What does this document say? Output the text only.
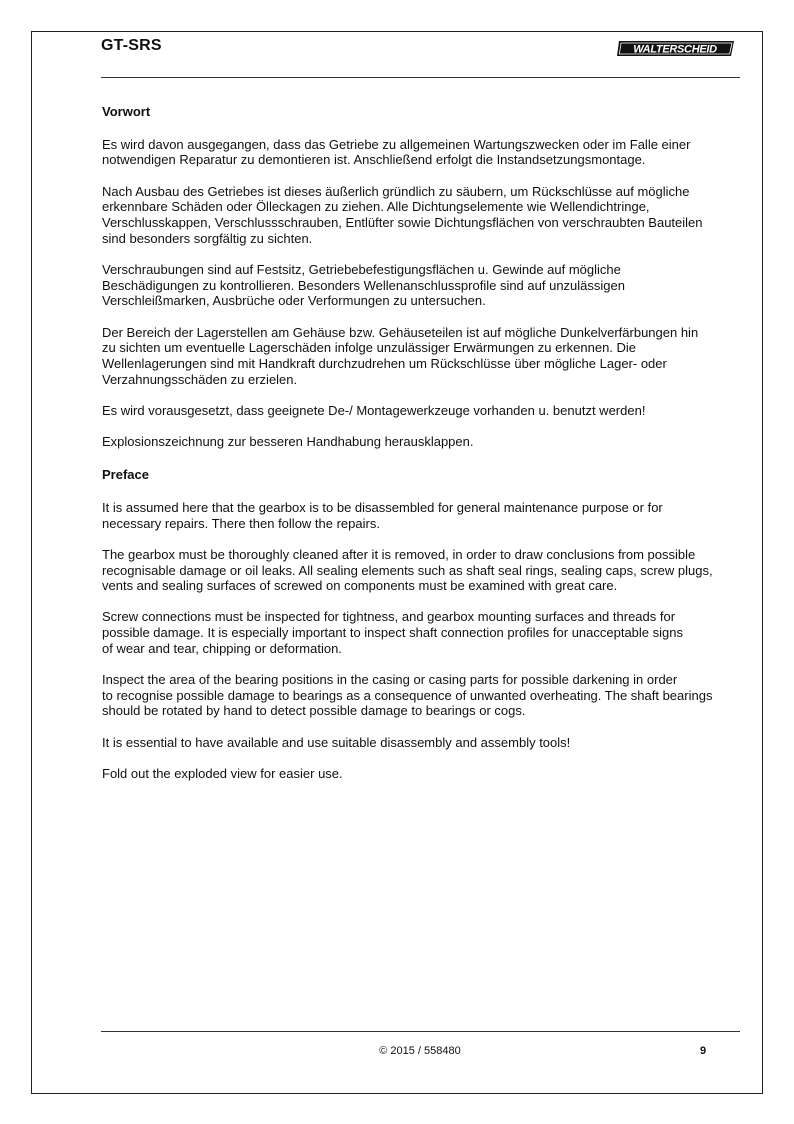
GT-SRS	WALTERSCHEID
Vorwort
Es wird davon ausgegangen, dass das Getriebe zu allgemeinen Wartungszwecken oder im Falle einer
notwendigen Reparatur zu demontieren ist. Anschließend erfolgt die Instandsetzungsmontage.
Nach Ausbau des Getriebes ist dieses äußerlich gründlich zu säubern, um Rückschlüsse auf mögliche
erkennbare Schäden oder Ölleckagen zu ziehen. Alle Dichtungselemente wie Wellendichtringe,
Verschlusskappen, Verschlussschrauben, Entlüfter sowie Dichtungsflächen von verschraubten Bauteilen
sind besonders sorgfältig zu sichten.
Verschraubungen sind auf Festsitz, Getriebebefestigungsflächen u. Gewinde auf mögliche
Beschädigungen zu kontrollieren. Besonders Wellenanschlussprofile sind auf unzulässigen
Verschleißmarken, Ausbrüche oder Verformungen zu untersuchen.
Der Bereich der Lagerstellen am Gehäuse bzw. Gehäuseteilen ist auf mögliche Dunkelverfärbungen hin
zu sichten um eventuelle Lagerschäden infolge unzulässiger Erwärmungen zu erkennen. Die
Wellenlagerungen sind mit Handkraft durchzudrehen um Rückschlüsse über mögliche Lager- oder
Verzahnungsschäden zu erzielen.
Es wird vorausgesetzt, dass geeignete De-/ Montagewerkzeuge vorhanden u. benutzt werden!
Explosionszeichnung zur besseren Handhabung herausklappen.
Preface
It is assumed here that the gearbox is to be disassembled for general maintenance purpose or for
necessary repairs. There then follow the repairs.
The gearbox must be thoroughly cleaned after it is removed, in order to draw conclusions from possible
recognisable damage or oil leaks. All sealing elements such as shaft seal rings, sealing caps, screw plugs,
vents and sealing surfaces of screwed on components must be examined with great care.
Screw connections must be inspected for tightness, and gearbox mounting surfaces and threads for
possible damage. It is especially important to inspect shaft connection profiles for unacceptable signs
of wear and tear, chipping or deformation.
Inspect the area of the bearing positions in the casing or casing parts for possible darkening in order
to recognise possible damage to bearings as a consequence of unwanted overheating. The shaft bearings
should be rotated by hand to detect possible damage to bearings or cogs.
It is essential to have available and use suitable disassembly and assembly tools!
Fold out the exploded view for easier use.
© 2015 / 558480	9
